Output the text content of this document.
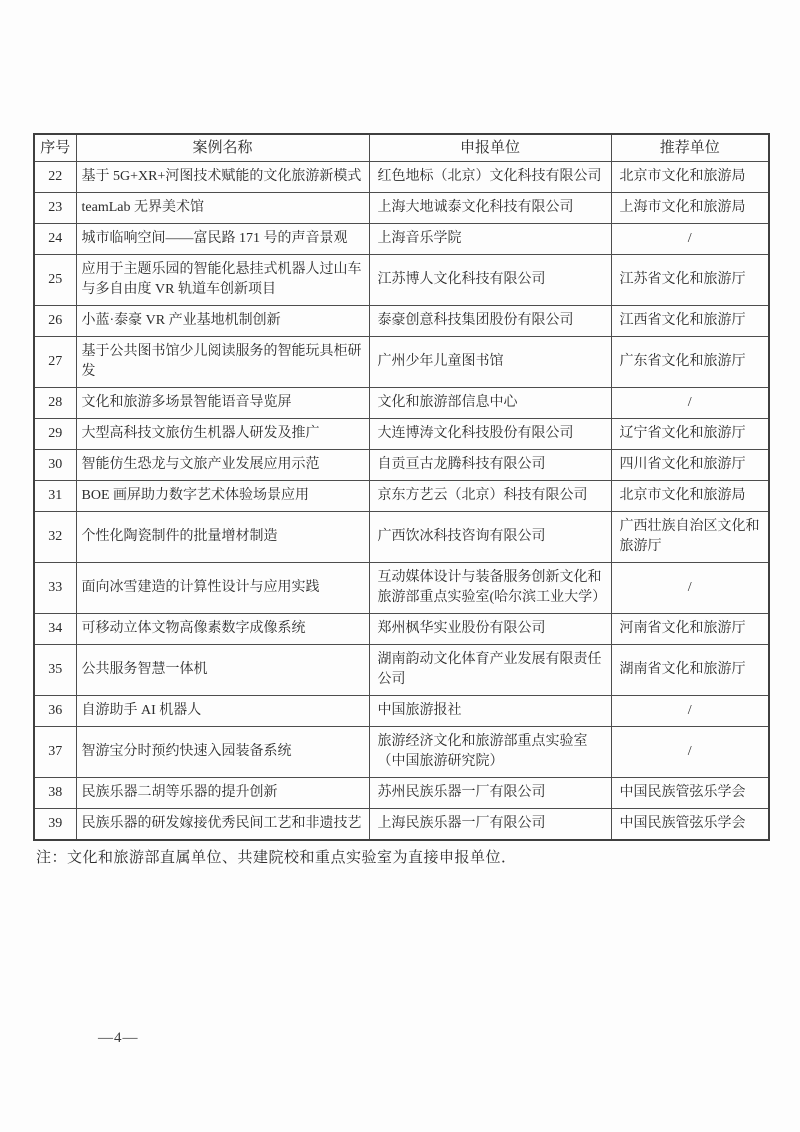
序号	案例名称	申报单位	推荐单位
22	基于 5G+XR+河图技术赋能的文化旅游新模式	红色地标（北京）文化科技有限公司	北京市文化和旅游局
23	teamLab 无界美术馆	上海大地诚泰文化科技有限公司	上海市文化和旅游局
24	城市临响空间——富民路 171 号的声音景观	上海音乐学院	/
25	应用于主题乐园的智能化悬挂式机器人过山车与多自由度 VR 轨道车创新项目	江苏博人文化科技有限公司	江苏省文化和旅游厅
26	小蓝·泰豪 VR 产业基地机制创新	泰豪创意科技集团股份有限公司	江西省文化和旅游厅
27	基于公共图书馆少儿阅读服务的智能玩具柜研发	广州少年儿童图书馆	广东省文化和旅游厅
28	文化和旅游多场景智能语音导览屏	文化和旅游部信息中心	/
29	大型高科技文旅仿生机器人研发及推广	大连博涛文化科技股份有限公司	辽宁省文化和旅游厅
30	智能仿生恐龙与文旅产业发展应用示范	自贡亘古龙腾科技有限公司	四川省文化和旅游厅
31	BOE 画屏助力数字艺术体验场景应用	京东方艺云（北京）科技有限公司	北京市文化和旅游局
32	个性化陶瓷制件的批量增材制造	广西饮冰科技咨询有限公司	广西壮族自治区文化和旅游厅
33	面向冰雪建造的计算性设计与应用实践	互动媒体设计与装备服务创新文化和旅游部重点实验室(哈尔滨工业大学）	/
34	可移动立体文物高像素数字成像系统	郑州枫华实业股份有限公司	河南省文化和旅游厅
35	公共服务智慧一体机	湖南韵动文化体育产业发展有限责任公司	湖南省文化和旅游厅
36	自游助手 AI 机器人	中国旅游报社	/
37	智游宝分时预约快速入园装备系统	旅游经济文化和旅游部重点实验室（中国旅游研究院）	/
38	民族乐器二胡等乐器的提升创新	苏州民族乐器一厂有限公司	中国民族管弦乐学会
39	民族乐器的研发嫁接优秀民间工艺和非遗技艺	上海民族乐器一厂有限公司	中国民族管弦乐学会
注：文化和旅游部直属单位、共建院校和重点实验室为直接申报单位．
—4—
